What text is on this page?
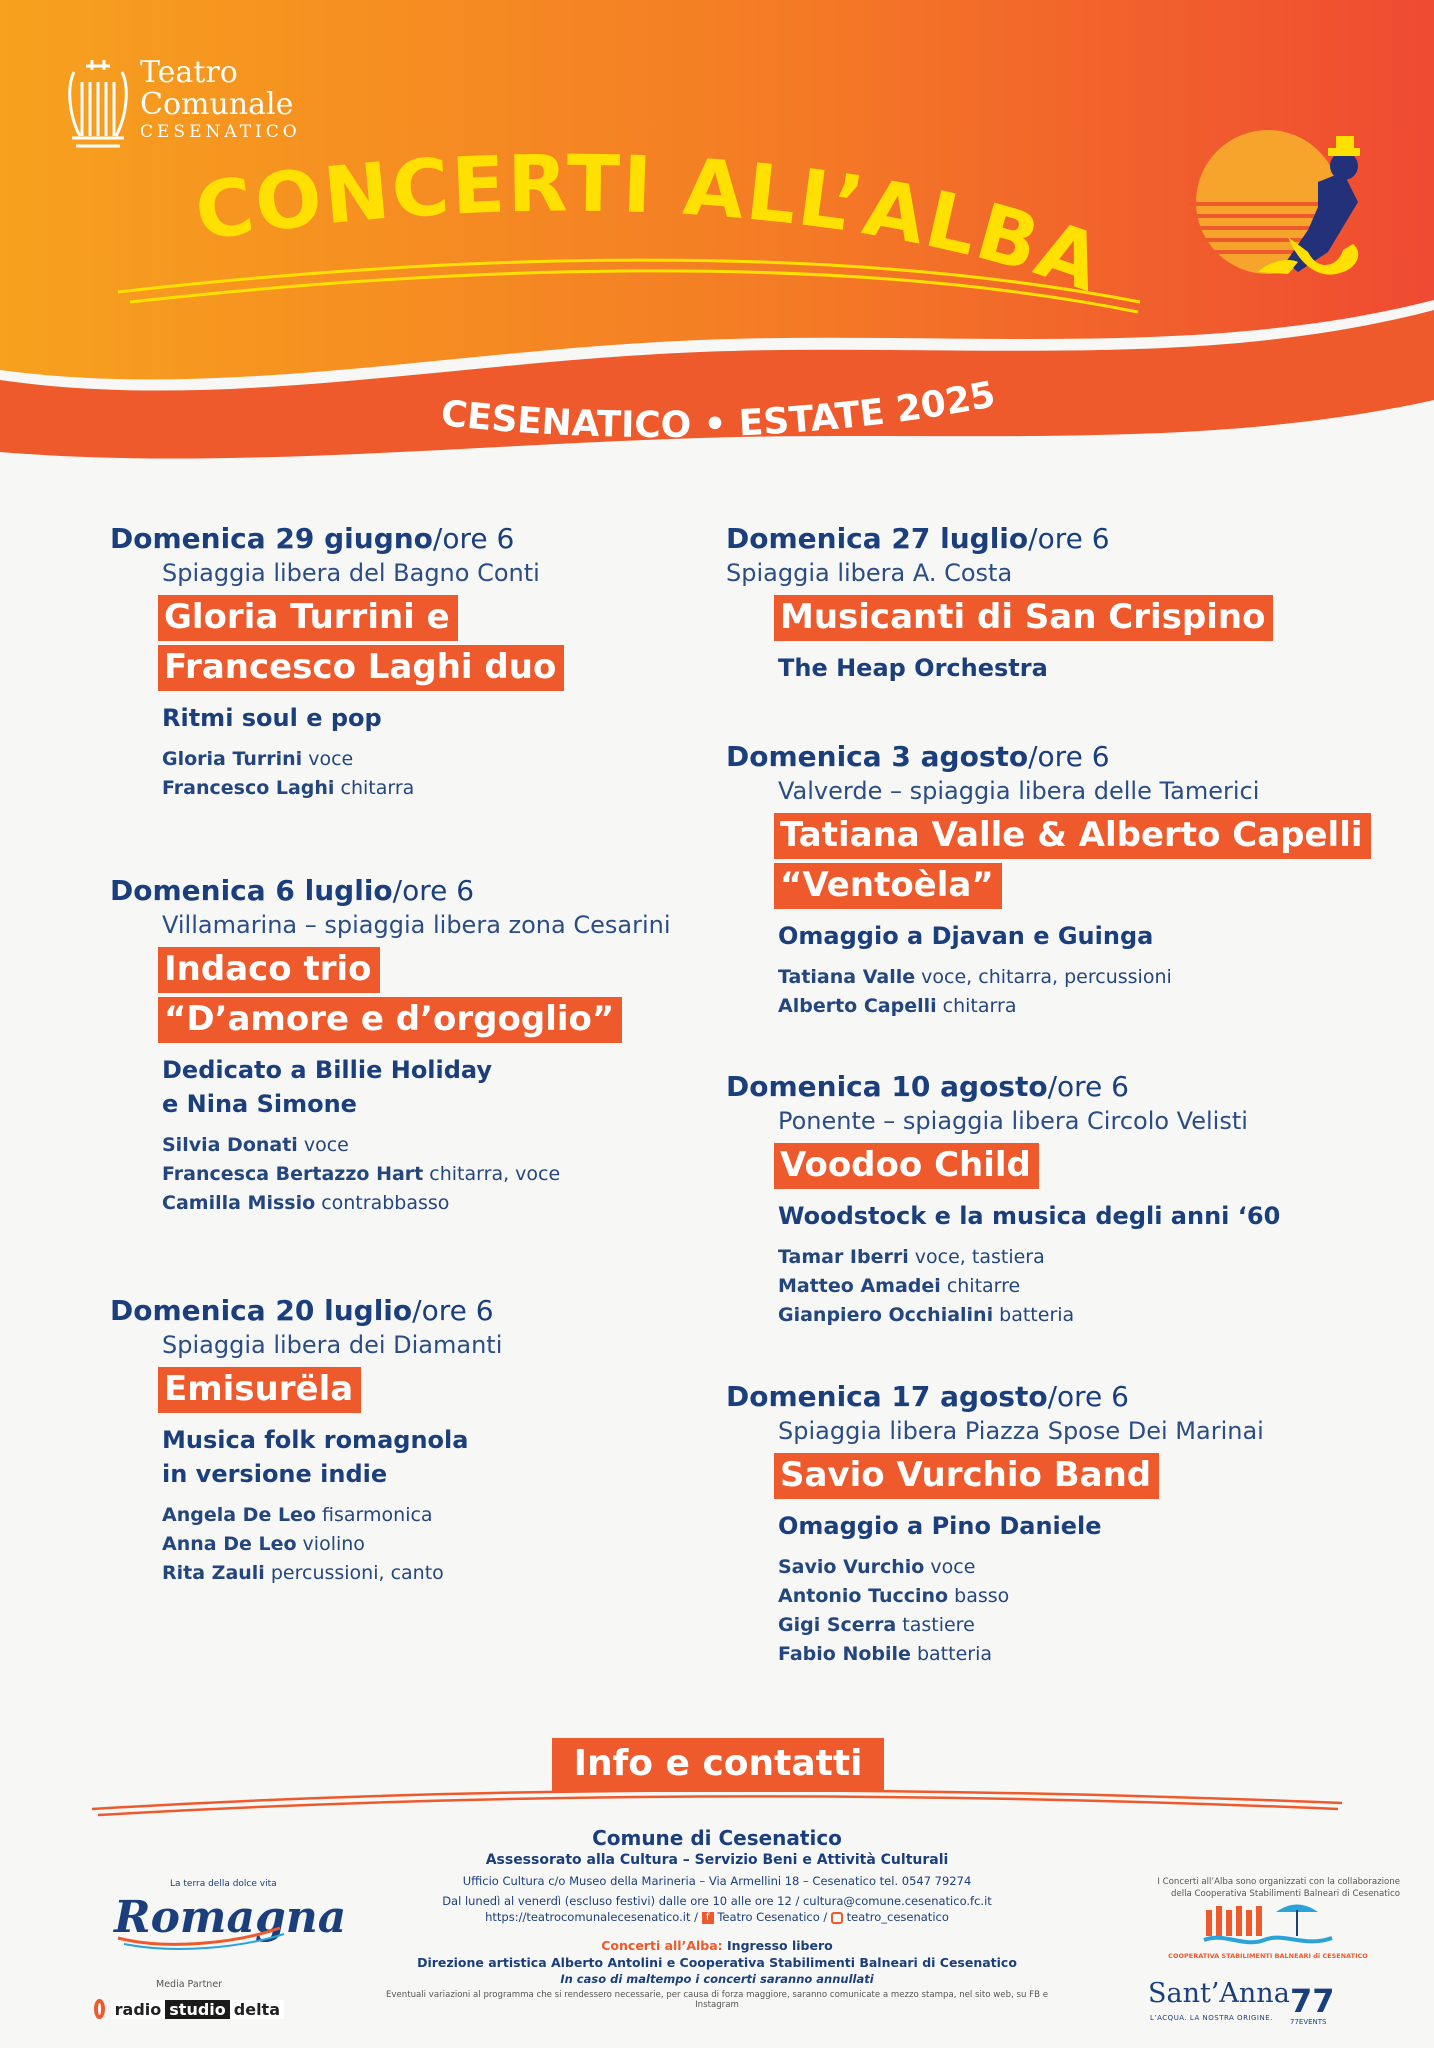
Teatro
Comunale
CESENATICO
CONCERTI ALL’ALBA
CESENATICO • ESTATE 2025
Domenica 29 giugno/ore 6
Spiaggia libera del Bagno Conti
Gloria Turrini e
Francesco Laghi duo
Ritmi soul e pop
Gloria Turrini voce
Francesco Laghi chitarra
Domenica 6 luglio/ore 6
Villamarina – spiaggia libera zona Cesarini
Indaco trio
“D’amore e d’orgoglio”
Dedicato a Billie Holiday
e Nina Simone
Silvia Donati voce
Francesca Bertazzo Hart chitarra, voce
Camilla Missio contrabbasso
Domenica 20 luglio/ore 6
Spiaggia libera dei Diamanti
Emisurëla
Musica folk romagnola
in versione indie
Angela De Leo fisarmonica
Anna De Leo violino
Rita Zauli percussioni, canto
Domenica 27 luglio/ore 6
Spiaggia libera A. Costa
Musicanti di San Crispino
The Heap Orchestra
Domenica 3 agosto/ore 6
Valverde – spiaggia libera delle Tamerici
Tatiana Valle & Alberto Capelli
“Ventoèla”
Omaggio a Djavan e Guinga
Tatiana Valle voce, chitarra, percussioni
Alberto Capelli chitarra
Domenica 10 agosto/ore 6
Ponente – spiaggia libera Circolo Velisti
Voodoo Child
Woodstock e la musica degli anni ‘60
Tamar Iberri voce, tastiera
Matteo Amadei chitarre
Gianpiero Occhialini batteria
Domenica 17 agosto/ore 6
Spiaggia libera Piazza Spose Dei Marinai
Savio Vurchio Band
Omaggio a Pino Daniele
Savio Vurchio voce
Antonio Tuccino basso
Gigi Scerra tastiere
Fabio Nobile batteria
Info e contatti
Comune di Cesenatico
Assessorato alla Cultura – Servizio Beni e Attività Culturali
Ufficio Cultura c/o Museo della Marineria – Via Armellini 18 – Cesenatico tel. 0547 79274
Dal lunedì al venerdì (escluso festivi) dalle ore 10 alle ore 12 / cultura@comune.cesenatico.fc.it
https://teatrocomunalecesenatico.it / f Teatro Cesenatico /  teatro_cesenatico
Concerti all’Alba: Ingresso libero
Direzione artistica Alberto Antolini e Cooperativa Stabilimenti Balneari di Cesenatico
In caso di maltempo i concerti saranno annullati
Eventuali variazioni al programma che si rendessero necessarie, per causa di forza maggiore, saranno comunicate a mezzo stampa, nel sito web, su FB e Instagram
La terra della dolce vita
Romagna
Media Partner
radio studio delta
I Concerti all’Alba sono organizzati con la collaborazione
della Cooperativa Stabilimenti Balneari di Cesenatico
COOPERATIVA STABILIMENTI BALNEARI di CESENATICO
Sant’Anna
L’ACQUA. LA NOSTRA ORIGINE. 77
77EVENTS
